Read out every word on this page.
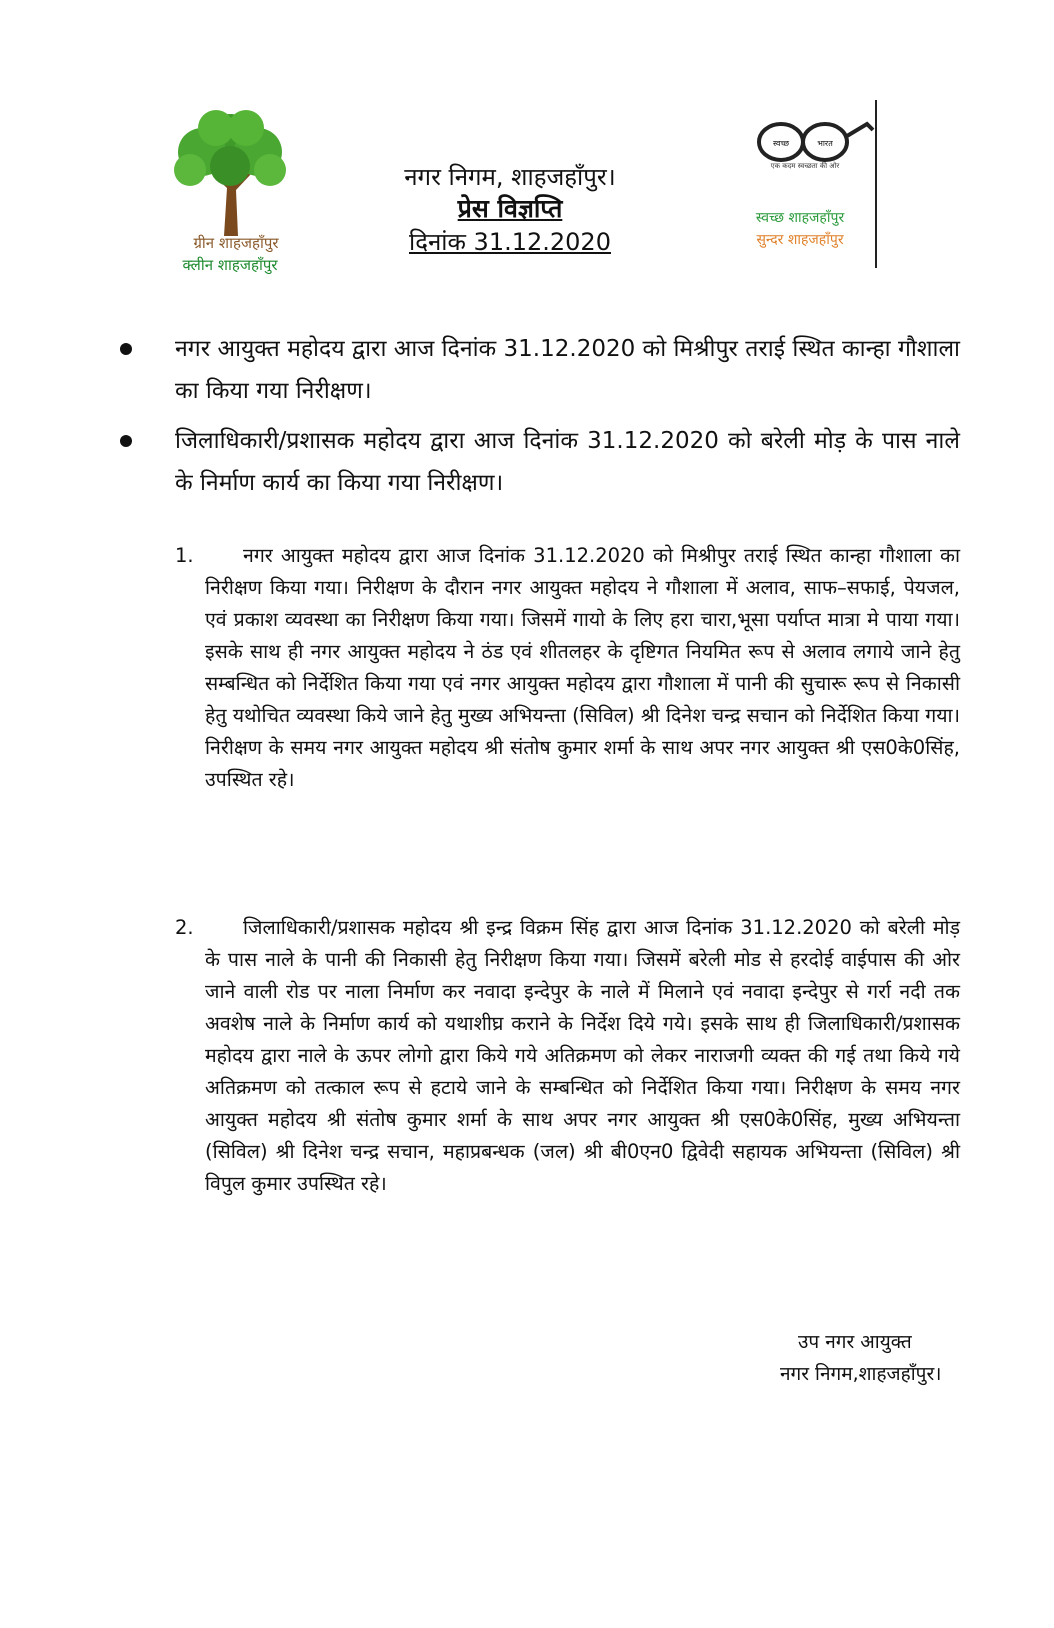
ग्रीन शाहजहाँपुर
क्लीन शाहजहाँपुर
नगर निगम, शाहजहाँपुर।
प्रेस विज्ञप्ति
दिनांक 31.12.2020
स्वच्छ	भारत
एक कदम स्वच्छता की ओर
स्वच्छ शाहजहाँपुर
सुन्दर शाहजहाँपुर
नगर आयुक्त महोदय द्वारा आज दिनांक 31.12.2020 को मिश्रीपुर तराई स्थित कान्हा गौशाला का किया गया निरीक्षण।
जिलाधिकारी/प्रशासक महोदय द्वारा आज दिनांक 31.12.2020 को बरेली मोड़ के पास नाले के निर्माण कार्य का किया गया निरीक्षण।
1.	नगर आयुक्त महोदय द्वारा आज दिनांक 31.12.2020 को मिश्रीपुर तराई स्थित कान्हा गौशाला का निरीक्षण किया गया। निरीक्षण के दौरान नगर आयुक्त महोदय ने गौशाला में अलाव, साफ–सफाई, पेयजल, एवं प्रकाश व्यवस्था का निरीक्षण किया गया। जिसमें गायो के लिए हरा चारा,भूसा पर्याप्त मात्रा मे पाया गया। इसके साथ ही नगर आयुक्त महोदय ने ठंड एवं शीतलहर के दृष्टिगत नियमित रूप से अलाव लगाये जाने हेतु सम्बन्धित को निर्देशित किया गया एवं नगर आयुक्त महोदय द्वारा गौशाला में पानी की सुचारू रूप से निकासी हेतु यथोचित व्यवस्था किये जाने हेतु मुख्य अभियन्ता (सिविल) श्री दिनेश चन्द्र सचान को निर्देशित किया गया। निरीक्षण के समय नगर आयुक्त महोदय श्री संतोष कुमार शर्मा के साथ अपर नगर आयुक्त श्री एस0के0सिंह, उपस्थित रहे।
2.	जिलाधिकारी/प्रशासक महोदय श्री इन्द्र विक्रम सिंह द्वारा आज दिनांक 31.12.2020 को बरेली मोड़ के पास नाले के पानी की निकासी हेतु निरीक्षण किया गया। जिसमें बरेली मोड से हरदोई वाईपास की ओर जाने वाली रोड पर नाला निर्माण कर नवादा इन्देपुर के नाले में मिलाने एवं नवादा इन्देपुर से गर्रा नदी तक अवशेष नाले के निर्माण कार्य को यथाशीघ्र कराने के निर्देश दिये गये। इसके साथ ही जिलाधिकारी/प्रशासक महोदय द्वारा नाले के ऊपर लोगो द्वारा किये गये अतिक्रमण को लेकर नाराजगी व्यक्त की गई तथा किये गये अतिक्रमण को तत्काल रूप से हटाये जाने के सम्बन्धित को निर्देशित किया गया। निरीक्षण के समय नगर आयुक्त महोदय श्री संतोष कुमार शर्मा के साथ अपर नगर आयुक्त श्री एस0के0सिंह, मुख्य अभियन्ता (सिविल) श्री दिनेश चन्द्र सचान, महाप्रबन्धक (जल) श्री बी0एन0 द्विवेदी सहायक अभियन्ता (सिविल) श्री विपुल कुमार उपस्थित रहे।
उप नगर आयुक्त
नगर निगम,शाहजहाँपुर।
